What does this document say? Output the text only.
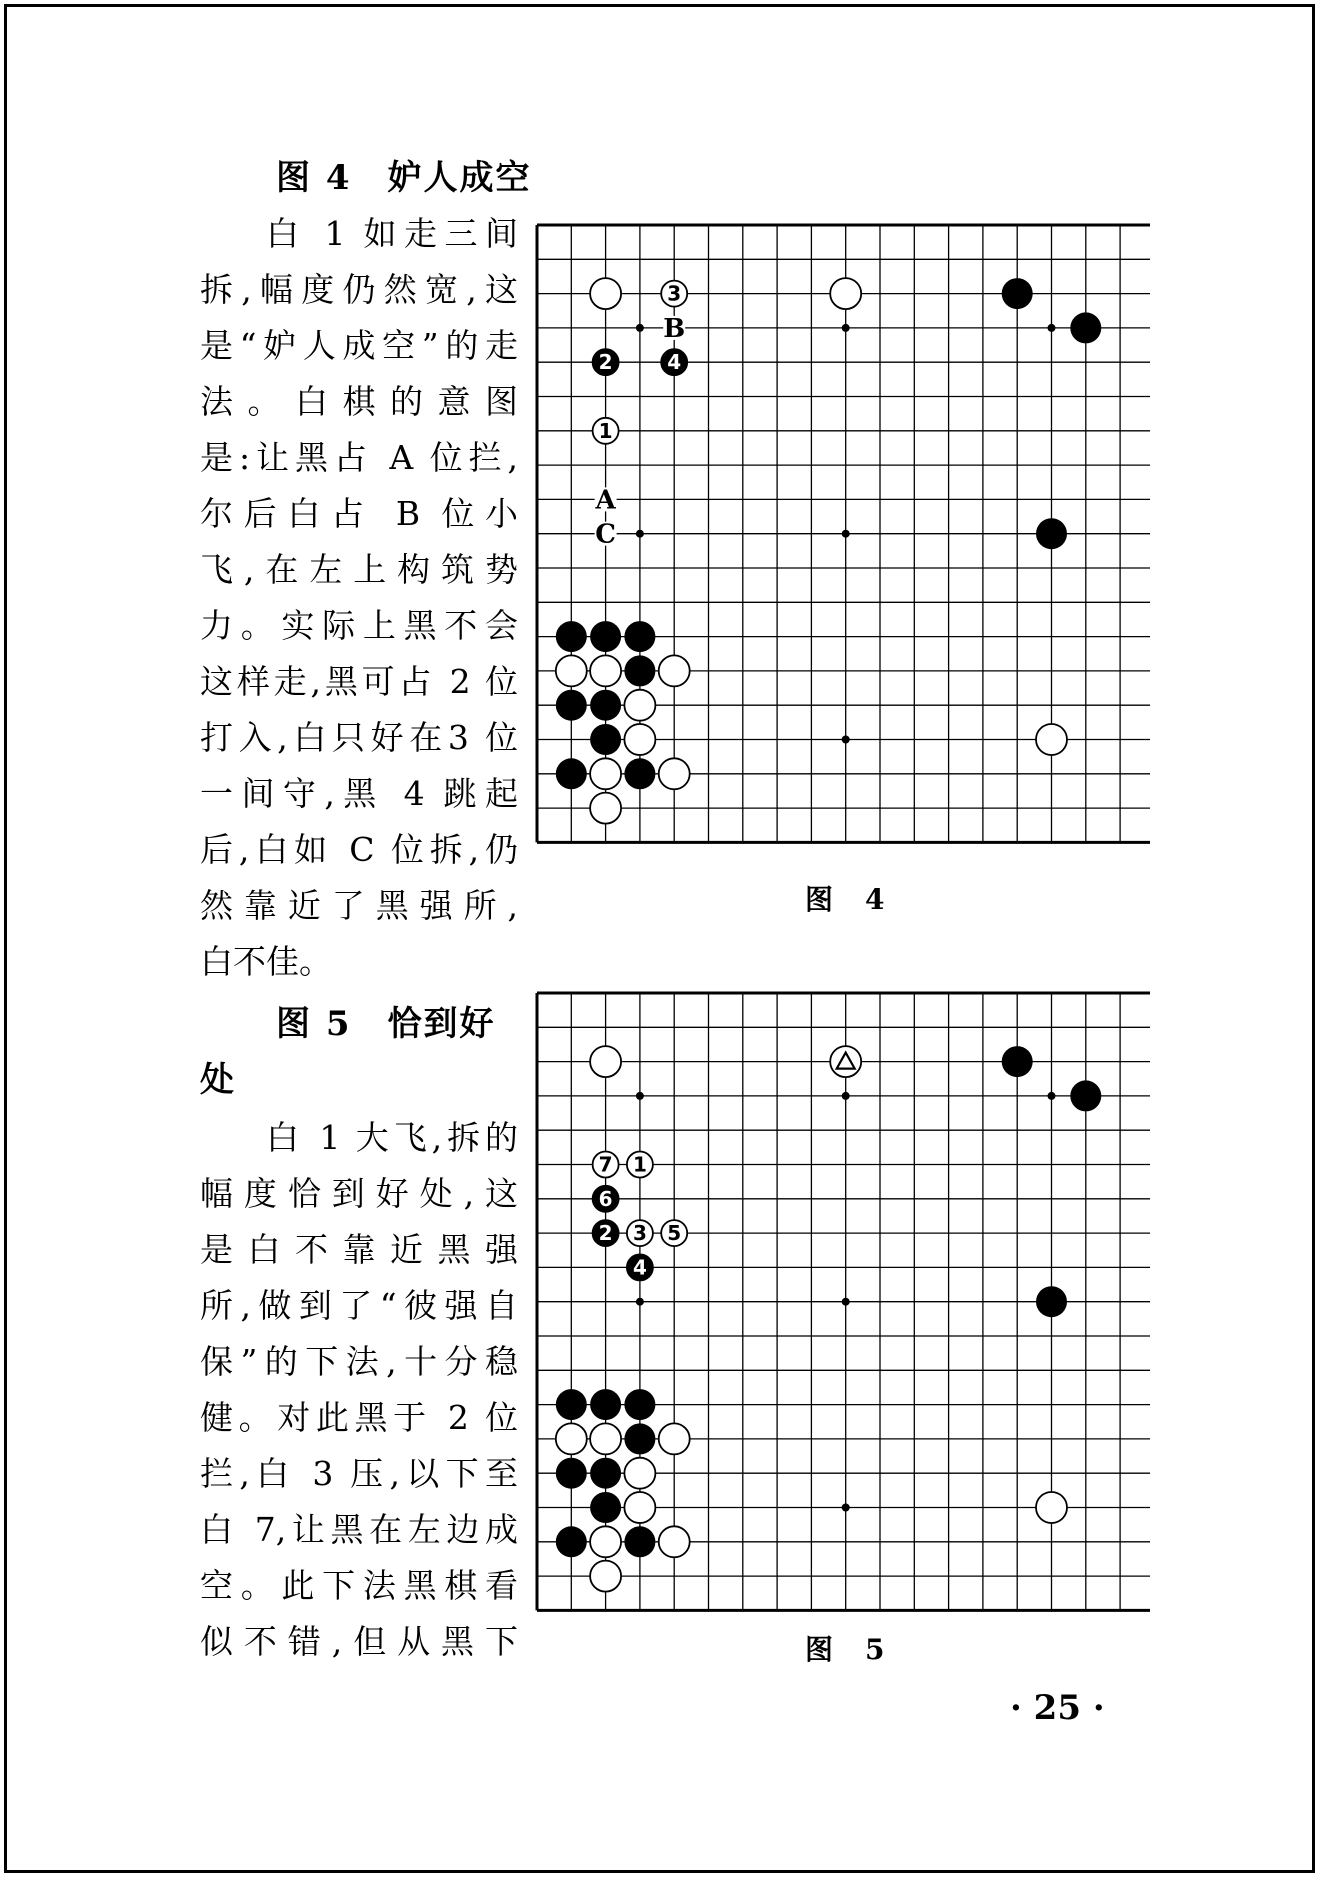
图 4　妒人成空
白 1 如走三间
拆,幅度仍然宽,这
是“妒人成空”的走
法。白棋的意图
是:让黑占 A 位拦,
尔后白占 B 位小
飞,在左上构筑势
力。实际上黑不会
这样走,黑可占 2 位
打入,白只好在3 位
一间守,黑 4 跳起
后,白如 C 位拆,仍
然靠近了黑强所,
白不佳。
3
2	4
1
B
A
C
图　4
图 5　恰到好
处
白 1 大飞,拆的
幅度恰到好处,这
是白不靠近黑强
所,做到了“彼强自
保”的下法,十分稳
健。对此黑于 2 位
拦,白 3 压,以下至
白 7,让黑在左边成
空。此下法黑棋看
似不错,但从黑下
7 1
6
2 3 5
4
图　5
· 25 ·
